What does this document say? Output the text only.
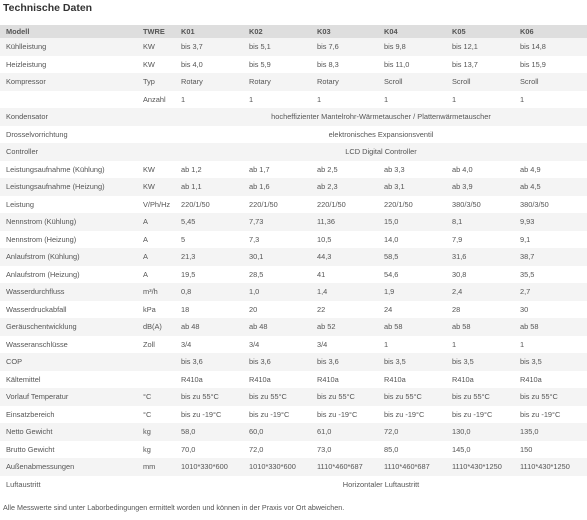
Technische Daten
Modell	TWRE	K01	K02	K03	K04	K05	K06
Kühlleistung	KW	bis 3,7	bis 5,1	bis 7,6	bis 9,8	bis 12,1	bis 14,8
Heizleistung	KW	bis 4,0	bis 5,9	bis 8,3	bis 11,0	bis 13,7	bis 15,9
Kompressor	Typ	Rotary	Rotary	Rotary	Scroll	Scroll	Scroll
	Anzahl	1	1	1	1	1	1
Kondensator		hocheffizienter Mantelrohr-Wärmetauscher / Plattenwärmetauscher					
Drosselvorrichtung		elektronisches Expansionsventil					
Controller		LCD Digital Controller					
Leistungsaufnahme (Kühlung)	KW	ab 1,2	ab 1,7	ab 2,5	ab 3,3	ab 4,0	ab 4,9
Leistungsaufnahme (Heizung)	KW	ab 1,1	ab 1,6	ab 2,3	ab 3,1	ab 3,9	ab 4,5
Leistung	V/Ph/Hz	220/1/50	220/1/50	220/1/50	220/1/50	380/3/50	380/3/50
Nennstrom (Kühlung)	A	5,45	7,73	11,36	15,0	8,1	9,93
Nennstrom (Heizung)	A	5	7,3	10,5	14,0	7,9	9,1
Anlaufstrom (Kühlung)	A	21,3	30,1	44,3	58,5	31,6	38,7
Anlaufstrom (Heizung)	A	19,5	28,5	41	54,6	30,8	35,5
Wasserdurchfluss	m³/h	0,8	1,0	1,4	1,9	2,4	2,7
Wasserdruckabfall	kPa	18	20	22	24	28	30
Geräuschentwicklung	dB(A)	ab 48	ab 48	ab 52	ab 58	ab 58	ab 58
Wasseranschlüsse	Zoll	3/4	3/4	3/4	1	1	1
COP		bis 3,6	bis 3,6	bis 3,6	bis 3,5	bis 3,5	bis 3,5
Kältemittel		R410a	R410a	R410a	R410a	R410a	R410a
Vorlauf Temperatur	°C	bis zu 55°C	bis zu 55°C	bis zu 55°C	bis zu 55°C	bis zu 55°C	bis zu 55°C
Einsatzbereich	°C	bis zu -19°C	bis zu -19°C	bis zu -19°C	bis zu -19°C	bis zu -19°C	bis zu -19°C
Netto Gewicht	kg	58,0	60,0	61,0	72,0	130,0	135,0
Brutto Gewicht	kg	70,0	72,0	73,0	85,0	145,0	150
Außenabmessungen	mm	1010*330*600	1010*330*600	1110*460*687	1110*460*687	1110*430*1250	1110*430*1250
Luftaustritt		Horizontaler Luftaustritt					
Alle Messwerte sind unter Laborbedingungen ermittelt worden und können in der Praxis vor Ort abweichen.
